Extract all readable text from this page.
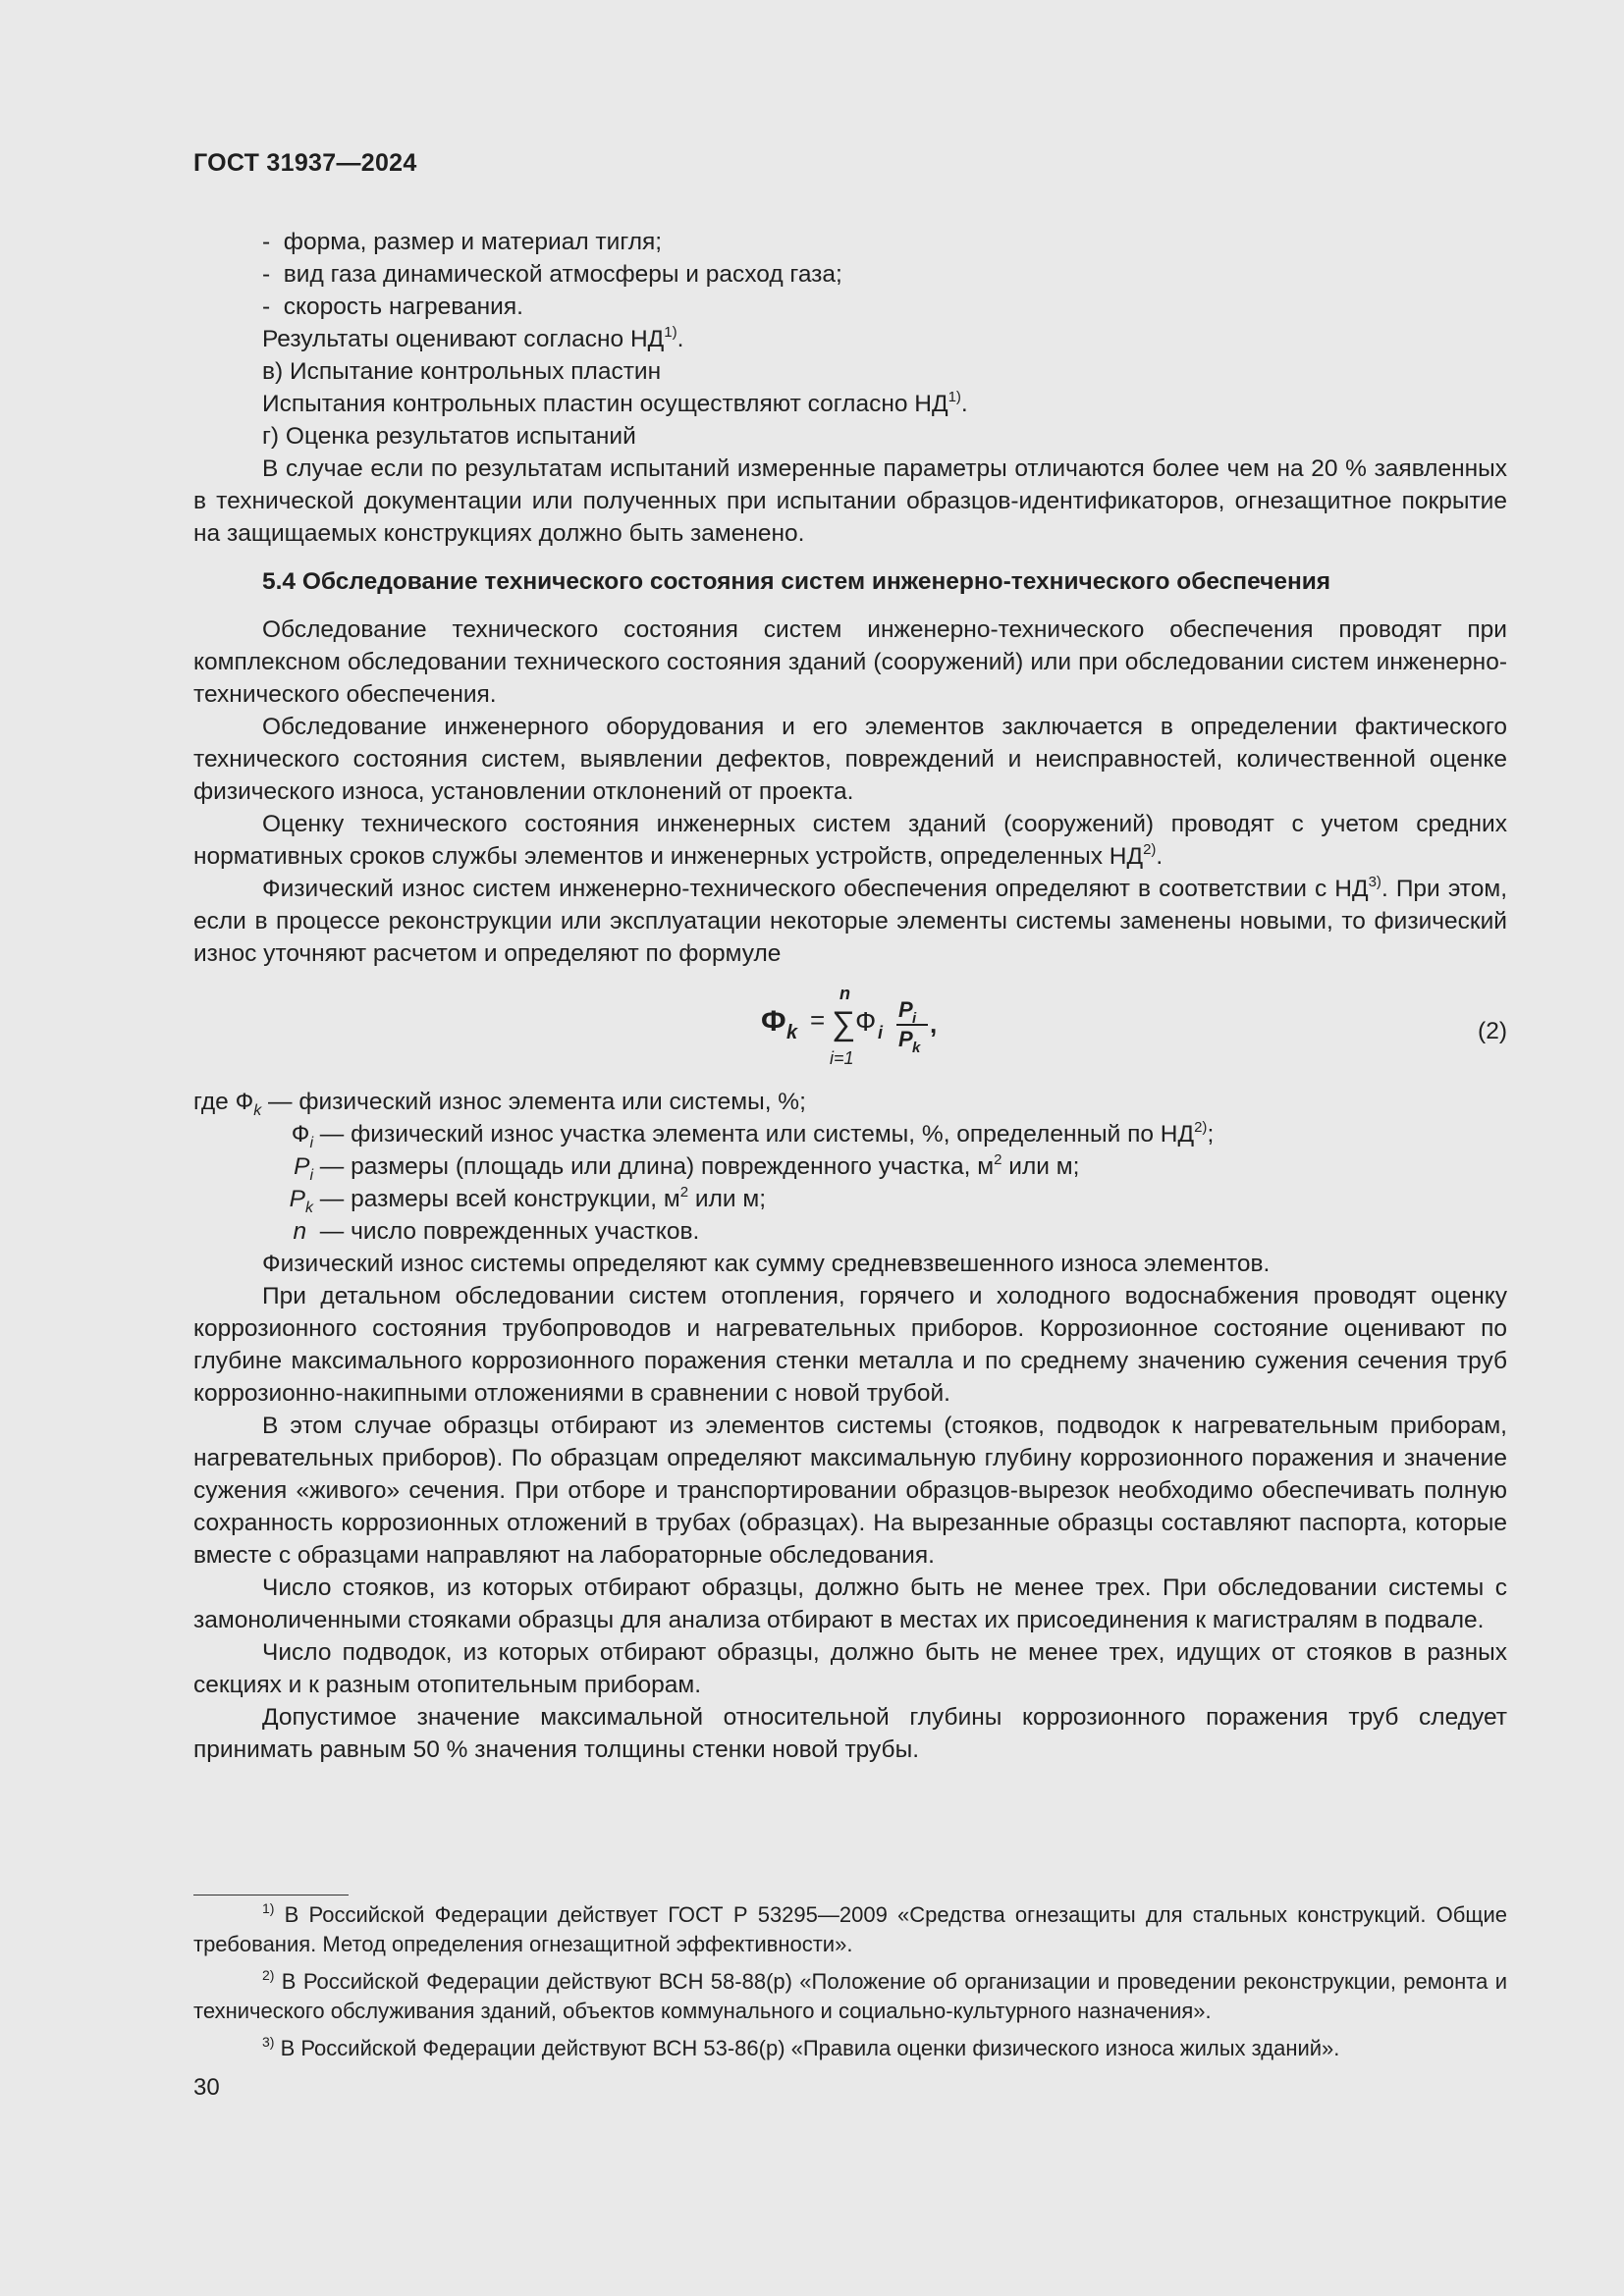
ГОСТ 31937—2024
-  форма, размер и материал тигля;
-  вид газа динамической атмосферы и расход газа;
-  скорость нагревания.
Результаты оценивают согласно НД$^{1)}$.
в) Испытание контрольных пластин
Испытания контрольных пластин осуществляют согласно НД$^{1)}$.
г) Оценка результатов испытаний

В случае если по результатам испытаний измеренные параметры отличаются более чем на 20 % заявленных в технической документации или полученных при испытании образцов-идентификаторов, огнезащитное покрытие на защищаемых конструкциях должно быть заменено.

5.4 Обследование технического состояния систем инженерно-технического обеспечения

Обследование технического состояния систем инженерно-технического обеспечения проводят при комплексном обследовании технического состояния зданий (сооружений) или при обследовании систем инженерно-технического обеспечения.

Обследование инженерного оборудования и его элементов заключается в определении фактического технического состояния систем, выявлении дефектов, повреждений и неисправностей, количественной оценке физического износа, установлении отклонений от проекта.

Оценку технического состояния инженерных систем зданий (сооружений) проводят с учетом средних нормативных сроков службы элементов и инженерных устройств, определенных НД$^{2)}$.

Физический износ систем инженерно-технического обеспечения определяют в соответствии с НД$^{3)}$. При этом, если в процессе реконструкции или эксплуатации некоторые элементы системы заменены новыми, то физический износ уточняют расчетом и определяют по формуле

Ф k =
n
∑
i=1
Ф i
P i
P k
,	(2)
где $Ф_k$ — физический износ элемента или системы, %;
$Ф_i$ — физический износ участка элемента или системы, %, определенный по НД$^{2)}$;
$P_i$ — размеры (площадь или длина) поврежденного участка, $м^2$ или м;
$P_k$ — размеры всей конструкции, $м^2$ или м;
n  — число поврежденных участков.

Физический износ системы определяют как сумму средневзвешенного износа элементов.

При детальном обследовании систем отопления, горячего и холодного водоснабжения проводят оценку коррозионного состояния трубопроводов и нагревательных приборов. Коррозионное состояние оценивают по глубине максимального коррозионного поражения стенки металла и по среднему значению сужения сечения труб коррозионно-накипными отложениями в сравнении с новой трубой.

В этом случае образцы отбирают из элементов системы (стояков, подводок к нагревательным приборам, нагревательных приборов). По образцам определяют максимальную глубину коррозионного поражения и значение сужения «живого» сечения. При отборе и транспортировании образцов-вырезок необходимо обеспечивать полную сохранность коррозионных отложений в трубах (образцах). На вырезанные образцы составляют паспорта, которые вместе с образцами направляют на лабораторные обследования.

Число стояков, из которых отбирают образцы, должно быть не менее трех. При обследовании системы с замоноличенными стояками образцы для анализа отбирают в местах их присоединения к магистралям в подвале.

Число подводок, из которых отбирают образцы, должно быть не менее трех, идущих от стояков в разных секциях и к разным отопительным приборам.

Допустимое значение максимальной относительной глубины коррозионного поражения труб следует принимать равным 50 % значения толщины стенки новой трубы.

$^{1)}$ В Российской Федерации действует ГОСТ Р 53295—2009 «Средства огнезащиты для стальных конструкций. Общие требования. Метод определения огнезащитной эффективности».

$^{2)}$ В Российской Федерации действуют ВСН 58-88(р) «Положение об организации и проведении реконструкции, ремонта и технического обслуживания зданий, объектов коммунального и социально-культурного назначения».

$^{3)}$ В Российской Федерации действуют ВСН 53-86(р) «Правила оценки физического износа жилых зданий».

30
